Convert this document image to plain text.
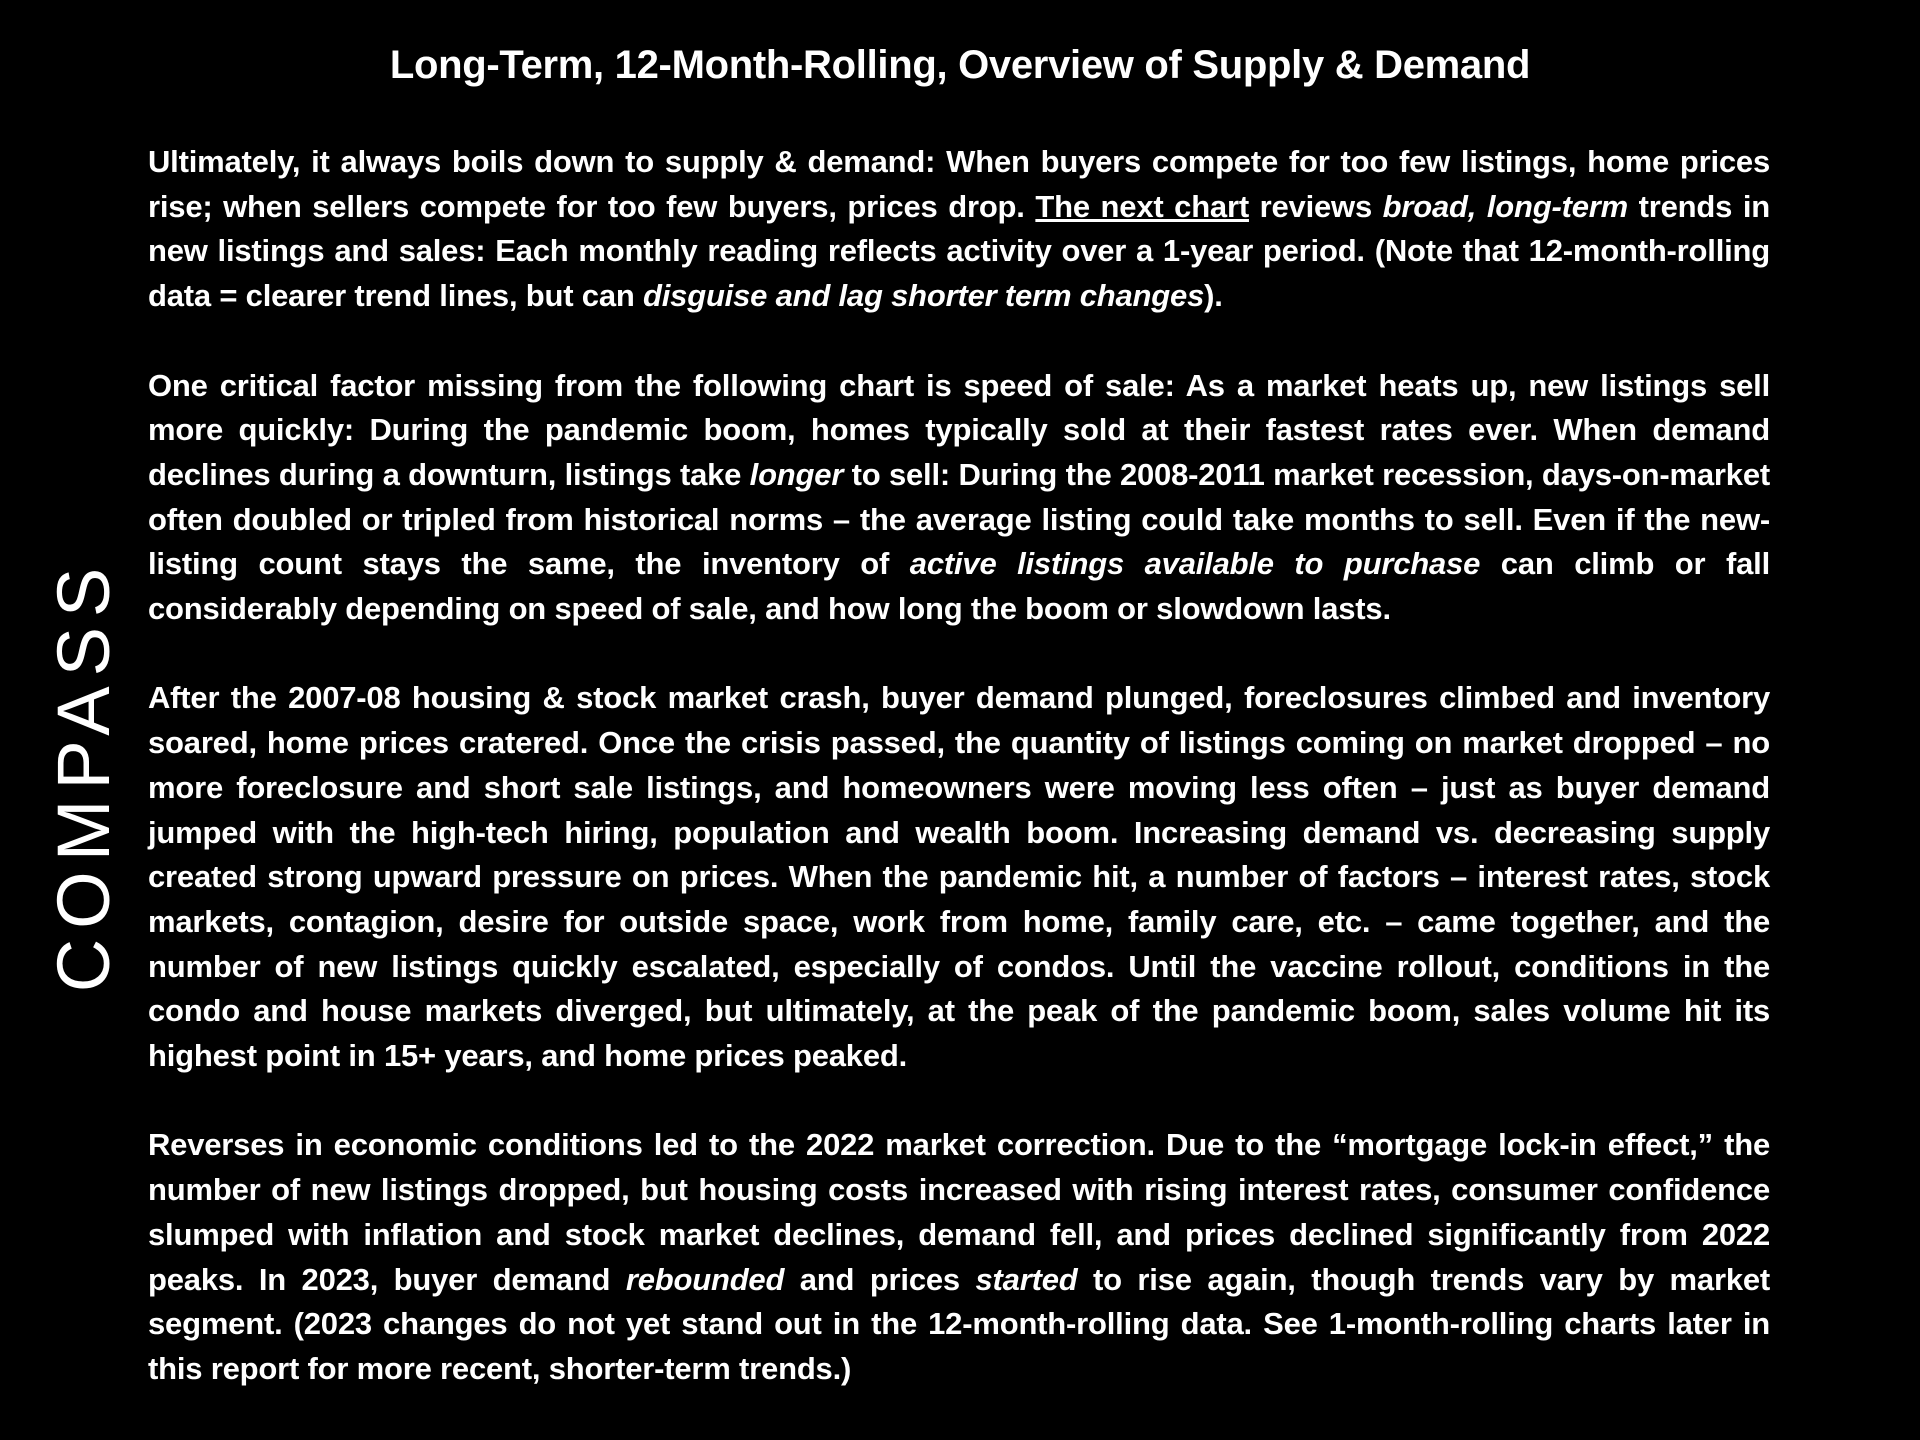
COMPASS
Long-Term, 12-Month-Rolling, Overview of Supply & Demand

Ultimately, it always boils down to supply & demand: When buyers compete for too few listings, home prices rise; when sellers compete for too few buyers, prices drop. The next chart reviews broad, long-term trends in new listings and sales: Each monthly reading reflects activity over a 1-year period. (Note that 12-month-rolling data = clearer trend lines, but can disguise and lag shorter term changes).

One critical factor missing from the following chart is speed of sale: As a market heats up, new listings sell more quickly: During the pandemic boom, homes typically sold at their fastest rates ever. When demand declines during a downturn, listings take longer to sell: During the 2008-2011 market recession, days-on-market often doubled or tripled from historical norms – the average listing could take months to sell. Even if the new-listing count stays the same, the inventory of active listings available to purchase can climb or fall considerably depending on speed of sale, and how long the boom or slowdown lasts.

After the 2007-08 housing & stock market crash, buyer demand plunged, foreclosures climbed and inventory soared, home prices cratered. Once the crisis passed, the quantity of listings coming on market dropped – no more foreclosure and short sale listings, and homeowners were moving less often – just as buyer demand jumped with the high-tech hiring, population and wealth boom. Increasing demand vs. decreasing supply created strong upward pressure on prices. When the pandemic hit, a number of factors – interest rates, stock markets, contagion, desire for outside space, work from home, family care, etc. – came together, and the number of new listings quickly escalated, especially of condos. Until the vaccine rollout, conditions in the condo and house markets diverged, but ultimately, at the peak of the pandemic boom, sales volume hit its highest point in 15+ years, and home prices peaked.

Reverses in economic conditions led to the 2022 market correction. Due to the “mortgage lock-in effect,” the number of new listings dropped, but housing costs increased with rising interest rates, consumer confidence slumped with inflation and stock market declines, demand fell, and prices declined significantly from 2022 peaks. In 2023, buyer demand rebounded and prices started to rise again, though trends vary by market segment. (2023 changes do not yet stand out in the 12-month-rolling data. See 1-month-rolling charts later in this report for more recent, shorter-term trends.)
